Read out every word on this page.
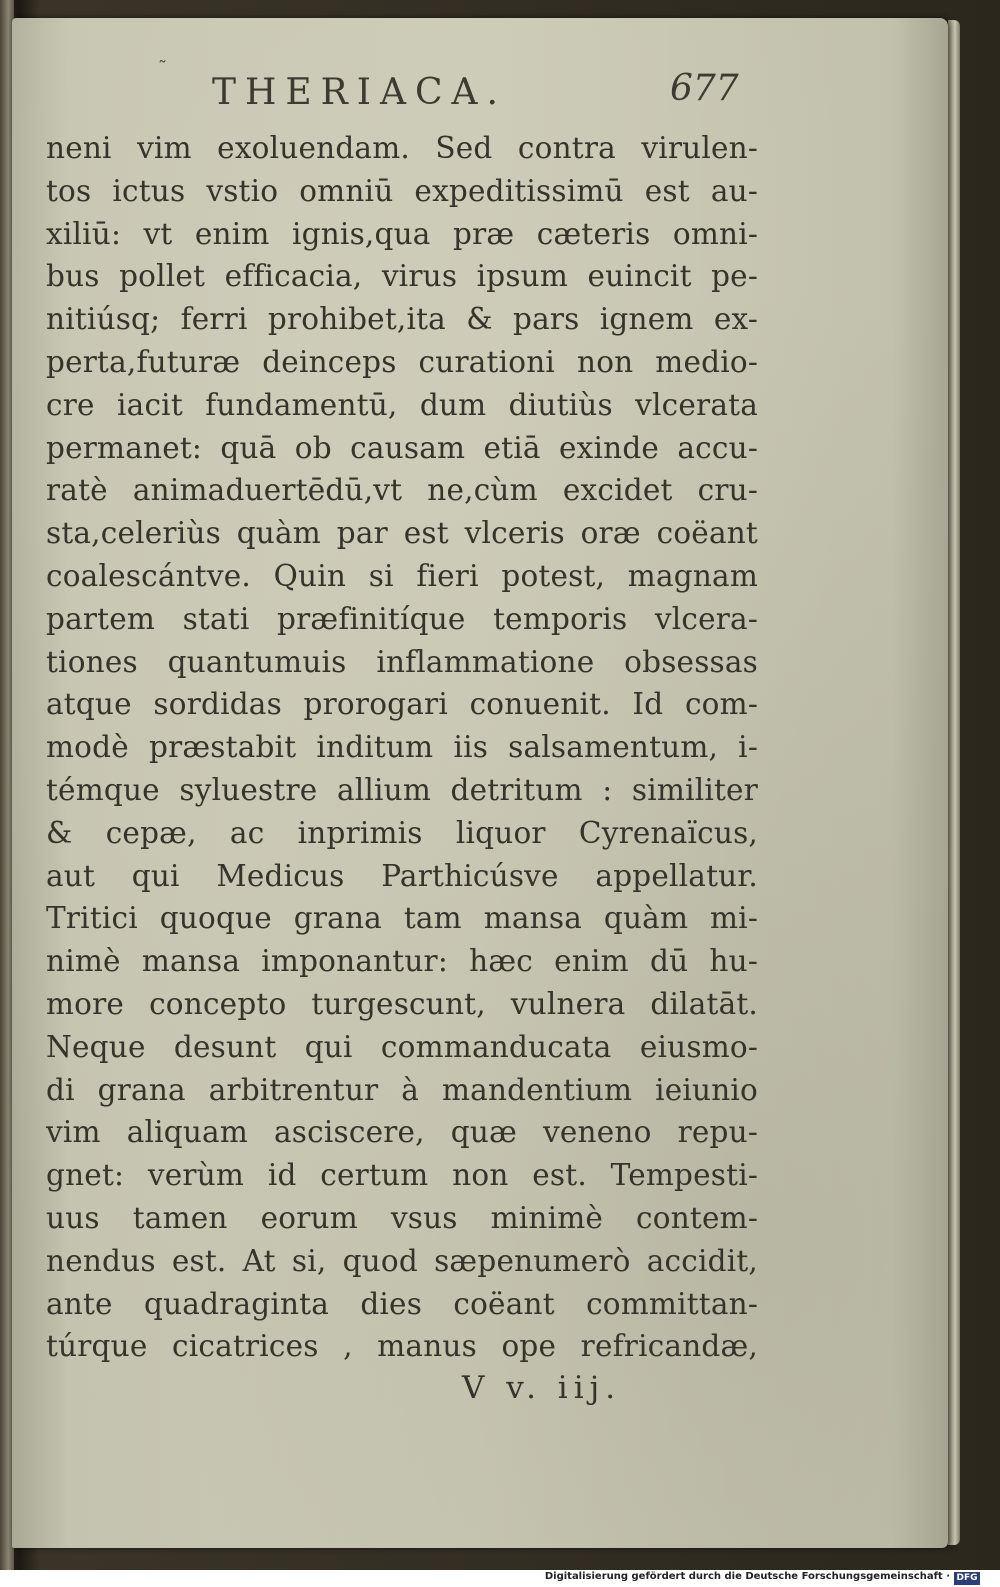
˜
THERIACA.	677
neni vim exoluendam. Sed contra virulen-
tos ictus vstio omniū expeditissimū est au-
xiliū: vt enim ignis,qua præ cæteris omni-
bus pollet efficacia, virus ipsum euincit pe-
nitiúsq; ferri prohibet,ita & pars ignem ex-
perta,futuræ deinceps curationi non medio-
cre iacit fundamentū, dum diutiùs vlcerata
permanet: quā ob causam etiā exinde accu-
ratè animaduertēdū,vt ne,cùm excidet cru-
sta,celeriùs quàm par est vlceris oræ coëant
coalescántve. Quin si fieri potest, magnam
partem stati præfinitíque temporis vlcera-
tiones quantumuis inflammatione obsessas
atque sordidas prorogari conuenit. Id com-
modè præstabit inditum iis salsamentum, i-
témque syluestre allium detritum : similiter
& cepæ, ac inprimis liquor Cyrenaïcus,
aut qui Medicus Parthicúsve appellatur.
Tritici quoque grana tam mansa quàm mi-
nimè mansa imponantur: hæc enim dū hu-
more concepto turgescunt, vulnera dilatāt.
Neque desunt qui commanducata eiusmo-
di grana arbitrentur à mandentium ieiunio
vim aliquam asciscere, quæ veneno repu-
gnet: verùm id certum non est. Tempesti-
uus tamen eorum vsus minimè contem-
nendus est. At si, quod sæpenumerò accidit,
ante quadraginta dies coëant committan-
túrque cicatrices , manus ope refricandæ,
V v. iij.
Digitalisierung gefördert durch die Deutsche Forschungsgemeinschaft · DFG
